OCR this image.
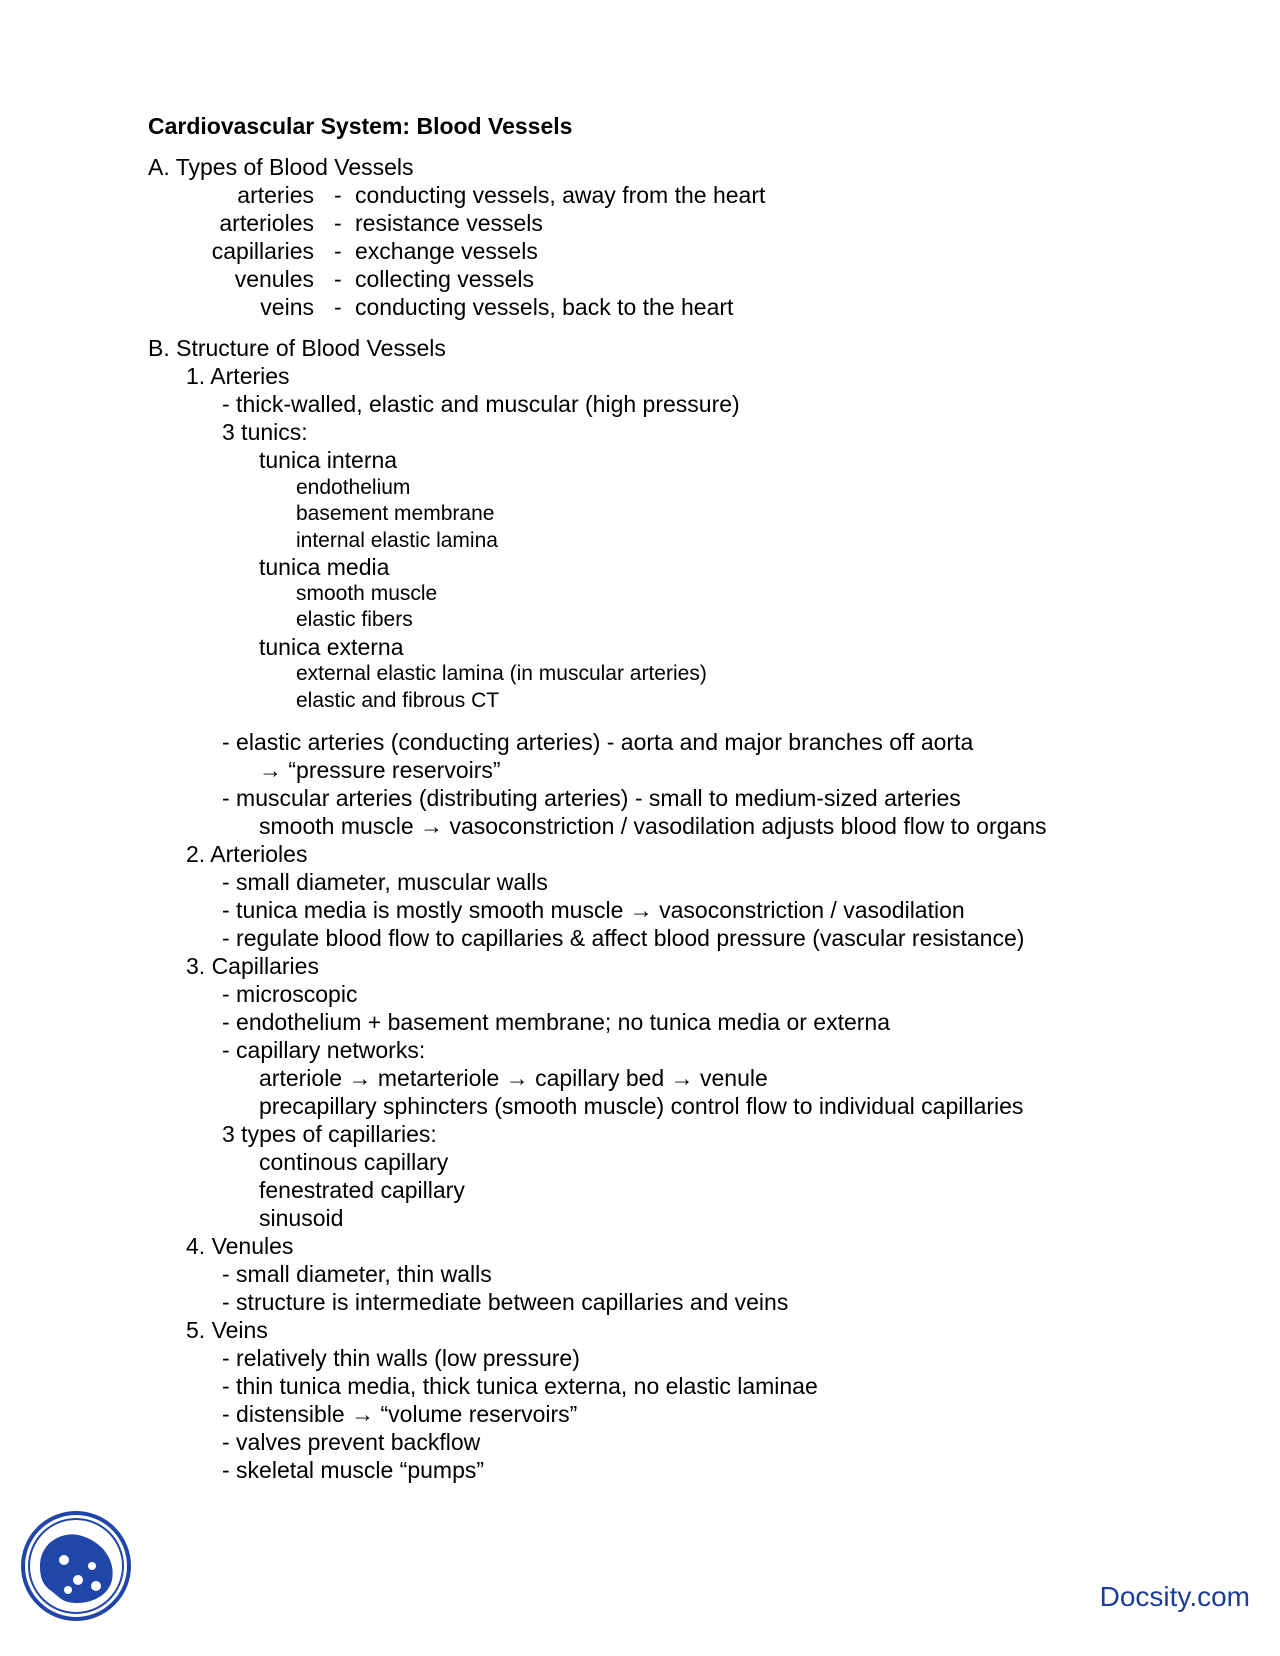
Cardiovascular System: Blood Vessels
A. Types of Blood Vessels
arteries - conducting vessels, away from the heart
arterioles - resistance vessels
capillaries - exchange vessels
venules - collecting vessels
veins - conducting vessels, back to the heart
B. Structure of Blood Vessels
1. Arteries
- thick-walled, elastic and muscular (high pressure)
3 tunics:
tunica interna
endothelium
basement membrane
internal elastic lamina
tunica media
smooth muscle
elastic fibers
tunica externa
external elastic lamina (in muscular arteries)
elastic and fibrous CT
- elastic arteries (conducting arteries) - aorta and major branches off aorta
→ “pressure reservoirs”
- muscular arteries (distributing arteries) - small to medium-sized arteries
smooth muscle → vasoconstriction / vasodilation adjusts blood flow to organs
2. Arterioles
- small diameter, muscular walls
- tunica media is mostly smooth muscle → vasoconstriction / vasodilation
- regulate blood flow to capillaries & affect blood pressure (vascular resistance)
3. Capillaries
- microscopic
- endothelium + basement membrane; no tunica media or externa
- capillary networks:
arteriole → metarteriole → capillary bed → venule
precapillary sphincters (smooth muscle) control flow to individual capillaries
3 types of capillaries:
continous capillary
fenestrated capillary
sinusoid
4. Venules
- small diameter, thin walls
- structure is intermediate between capillaries and veins
5. Veins
- relatively thin walls (low pressure)
- thin tunica media, thick tunica externa, no elastic laminae
- distensible → “volume reservoirs”
- valves prevent backflow
- skeletal muscle “pumps”
Docsity.com
